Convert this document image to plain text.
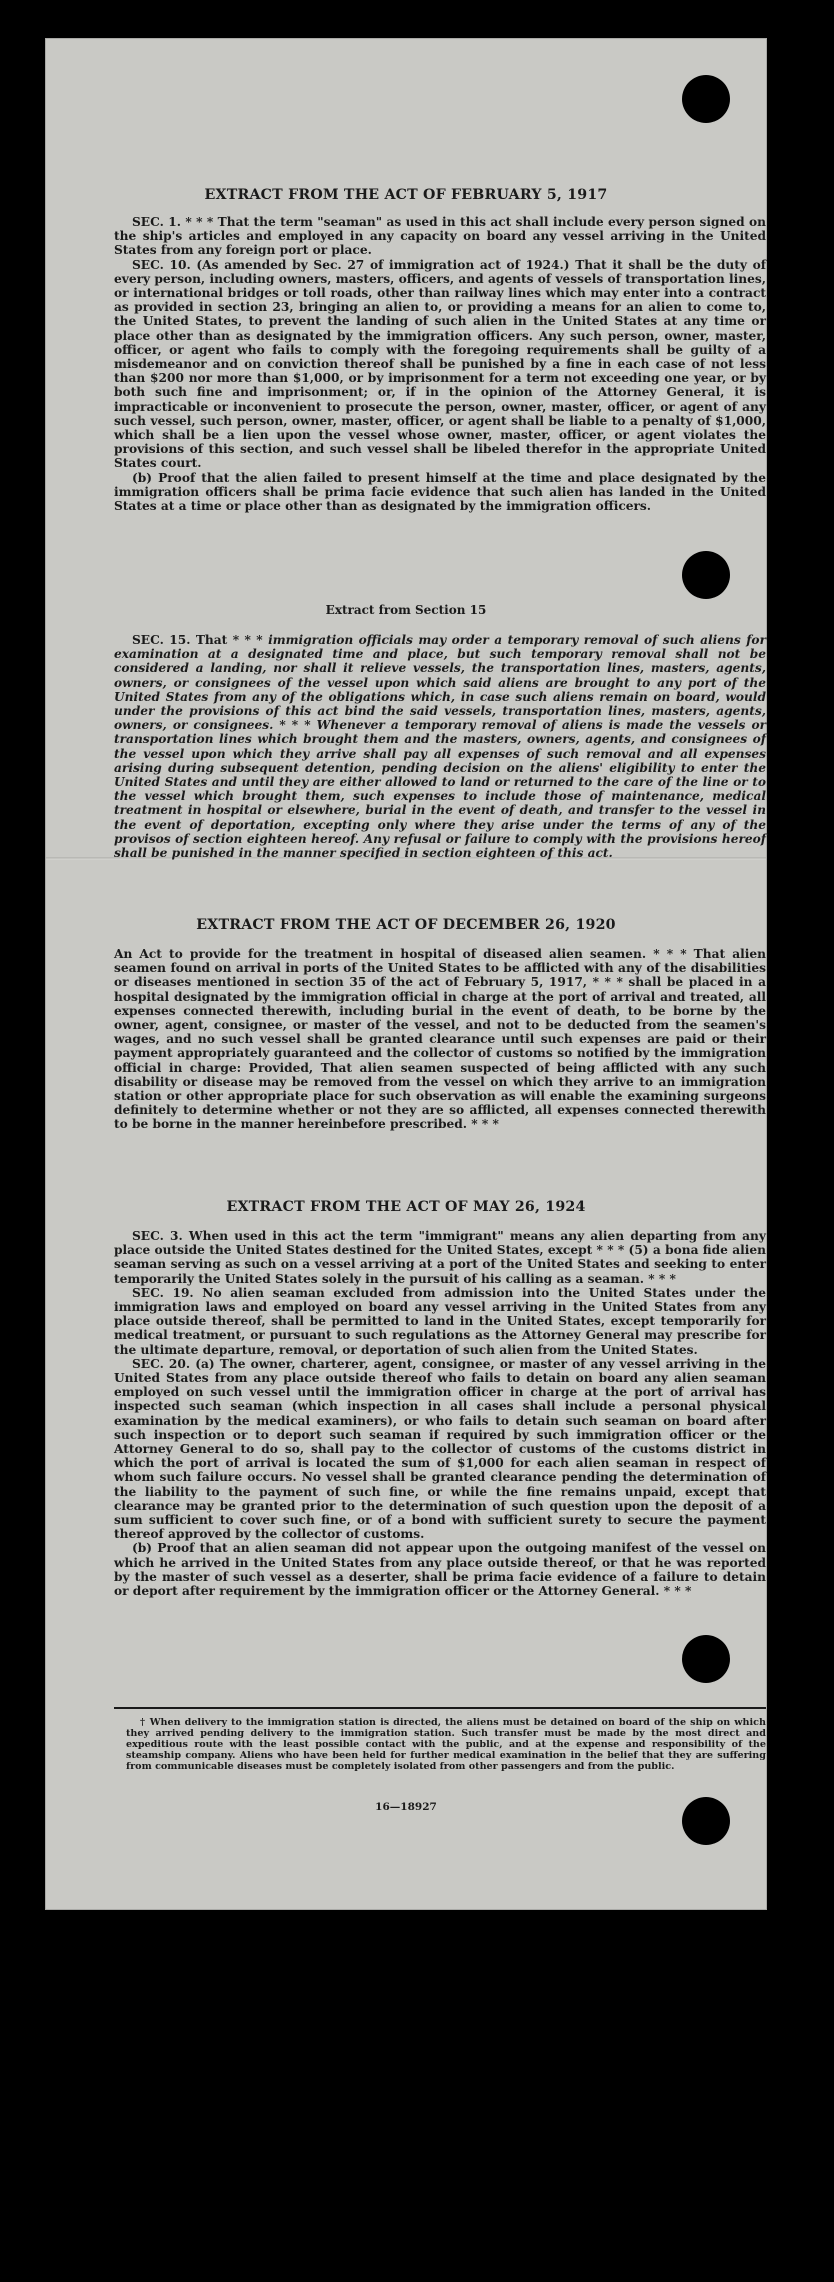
EXTRACT FROM THE ACT OF FEBRUARY 5, 1917

SEC. 1. * * * That the term "seaman" as used in this act shall include every person signed on the ship's articles and employed in any capacity on board any vessel arriving in the United States from any foreign port or place.

SEC. 10. (As amended by Sec. 27 of immigration act of 1924.) That it shall be the duty of every person, including owners, masters, officers, and agents of vessels of transportation lines, or international bridges or toll roads, other than railway lines which may enter into a contract as provided in section 23, bringing an alien to, or providing a means for an alien to come to, the United States, to prevent the landing of such alien in the United States at any time or place other than as designated by the immigration officers. Any such person, owner, master, officer, or agent who fails to comply with the foregoing requirements shall be guilty of a misdemeanor and on conviction thereof shall be punished by a fine in each case of not less than $200 nor more than $1,000, or by imprisonment for a term not exceeding one year, or by both such fine and imprisonment; or, if in the opinion of the Attorney General, it is impracticable or inconvenient to prosecute the person, owner, master, officer, or agent of any such vessel, such person, owner, master, officer, or agent shall be liable to a penalty of $1,000, which shall be a lien upon the vessel whose owner, master, officer, or agent violates the provisions of this section, and such vessel shall be libeled therefor in the appropriate United States court.

(b) Proof that the alien failed to present himself at the time and place designated by the immigration officers shall be prima facie evidence that such alien has landed in the United States at a time or place other than as designated by the immigration officers.

Extract from Section 15

SEC. 15. That * * * immigration officials may order a temporary removal of such aliens for examination at a designated time and place, but such temporary removal shall not be considered a landing, nor shall it relieve vessels, the transportation lines, masters, agents, owners, or consignees of the vessel upon which said aliens are brought to any port of the United States from any of the obligations which, in case such aliens remain on board, would under the provisions of this act bind the said vessels, transportation lines, masters, agents, owners, or consignees. * * * Whenever a temporary removal of aliens is made the vessels or transportation lines which brought them and the masters, owners, agents, and consignees of the vessel upon which they arrive shall pay all expenses of such removal and all expenses arising during subsequent detention, pending decision on the aliens' eligibility to enter the United States and until they are either allowed to land or returned to the care of the line or to the vessel which brought them, such expenses to include those of maintenance, medical treatment in hospital or elsewhere, burial in the event of death, and transfer to the vessel in the event of deportation, excepting only where they arise under the terms of any of the provisos of section eighteen hereof. Any refusal or failure to comply with the provisions hereof shall be punished in the manner specified in section eighteen of this act.

EXTRACT FROM THE ACT OF DECEMBER 26, 1920

An Act to provide for the treatment in hospital of diseased alien seamen. * * * That alien seamen found on arrival in ports of the United States to be afflicted with any of the disabilities or diseases mentioned in section 35 of the act of February 5, 1917, * * * shall be placed in a hospital designated by the immigration official in charge at the port of arrival and treated, all expenses connected therewith, including burial in the event of death, to be borne by the owner, agent, consignee, or master of the vessel, and not to be deducted from the seamen's wages, and no such vessel shall be granted clearance until such expenses are paid or their payment appropriately guaranteed and the collector of customs so notified by the immigration official in charge: Provided, That alien seamen suspected of being afflicted with any such disability or disease may be removed from the vessel on which they arrive to an immigration station or other appropriate place for such observation as will enable the examining surgeons definitely to determine whether or not they are so afflicted, all expenses connected therewith to be borne in the manner hereinbefore prescribed. * * *

EXTRACT FROM THE ACT OF MAY 26, 1924

SEC. 3. When used in this act the term "immigrant" means any alien departing from any place outside the United States destined for the United States, except * * * (5) a bona fide alien seaman serving as such on a vessel arriving at a port of the United States and seeking to enter temporarily the United States solely in the pursuit of his calling as a seaman. * * *

SEC. 19. No alien seaman excluded from admission into the United States under the immigration laws and employed on board any vessel arriving in the United States from any place outside thereof, shall be permitted to land in the United States, except temporarily for medical treatment, or pursuant to such regulations as the Attorney General may prescribe for the ultimate departure, removal, or deportation of such alien from the United States.

SEC. 20. (a) The owner, charterer, agent, consignee, or master of any vessel arriving in the United States from any place outside thereof who fails to detain on board any alien seaman employed on such vessel until the immigration officer in charge at the port of arrival has inspected such seaman (which inspection in all cases shall include a personal physical examination by the medical examiners), or who fails to detain such seaman on board after such inspection or to deport such seaman if required by such immigration officer or the Attorney General to do so, shall pay to the collector of customs of the customs district in which the port of arrival is located the sum of $1,000 for each alien seaman in respect of whom such failure occurs. No vessel shall be granted clearance pending the determination of the liability to the payment of such fine, or while the fine remains unpaid, except that clearance may be granted prior to the determination of such question upon the deposit of a sum sufficient to cover such fine, or of a bond with sufficient surety to secure the payment thereof approved by the collector of customs.

(b) Proof that an alien seaman did not appear upon the outgoing manifest of the vessel on which he arrived in the United States from any place outside thereof, or that he was reported by the master of such vessel as a deserter, shall be prima facie evidence of a failure to detain or deport after requirement by the immigration officer or the Attorney General. * * *

† When delivery to the immigration station is directed, the aliens must be detained on board of the ship on which they arrived pending delivery to the immigration station. Such transfer must be made by the most direct and expeditious route with the least possible contact with the public, and at the expense and responsibility of the steamship company. Aliens who have been held for further medical examination in the belief that they are suffering from communicable diseases must be completely isolated from other passengers and from the public.

16—18927
